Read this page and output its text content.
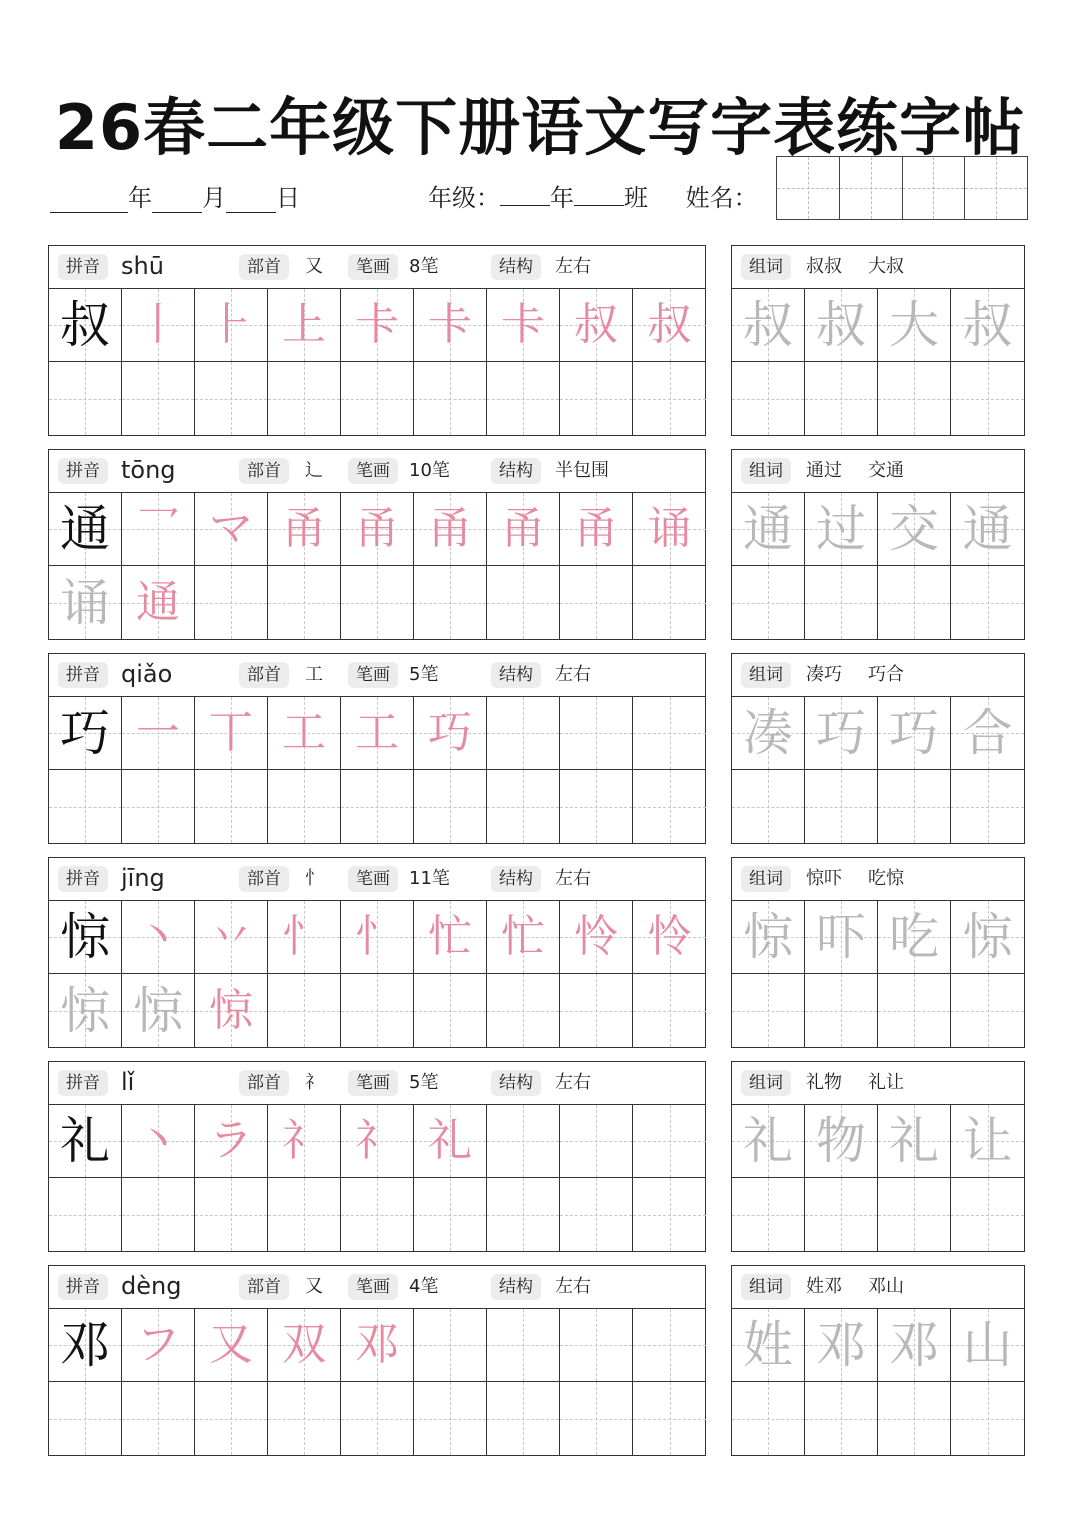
26春二年级下册语文写字表练字帖
年 月 日	年级： 年 班 姓名：
拼音 shū	部首	又	笔画	8笔	结构	左右
叔 丨 ⺊ 上 卡 卡 卡 叔 叔
组词	叔叔 大叔
叔 叔 大 叔
拼音 tōng	部首	辶	笔画	10笔	结构	半包围
通 乛 マ 甬 甬 甬 甬 甬 诵
诵 通
组词	通过 交通
通 过 交 通
拼音 qiǎo	部首	工	笔画	5笔	结构	左右
巧 一 丅 工 工 巧
组词	凑巧 巧合
凑 巧 巧 合
拼音 jīng	部首	忄	笔画	11笔	结构	左右
惊 丶 丷 忄 忄 忙 忙 怜 怜
惊 惊 惊
组词	惊吓 吃惊
惊 吓 吃 惊
拼音 lǐ	部首	礻	笔画	5笔	结构	左右
礼 丶 ラ 礻 礻 礼
组词	礼物 礼让
礼 物 礼 让
拼音 dèng	部首	又	笔画	4笔	结构	左右
邓 フ 又 双 邓
组词	姓邓 邓山
姓 邓 邓 山
